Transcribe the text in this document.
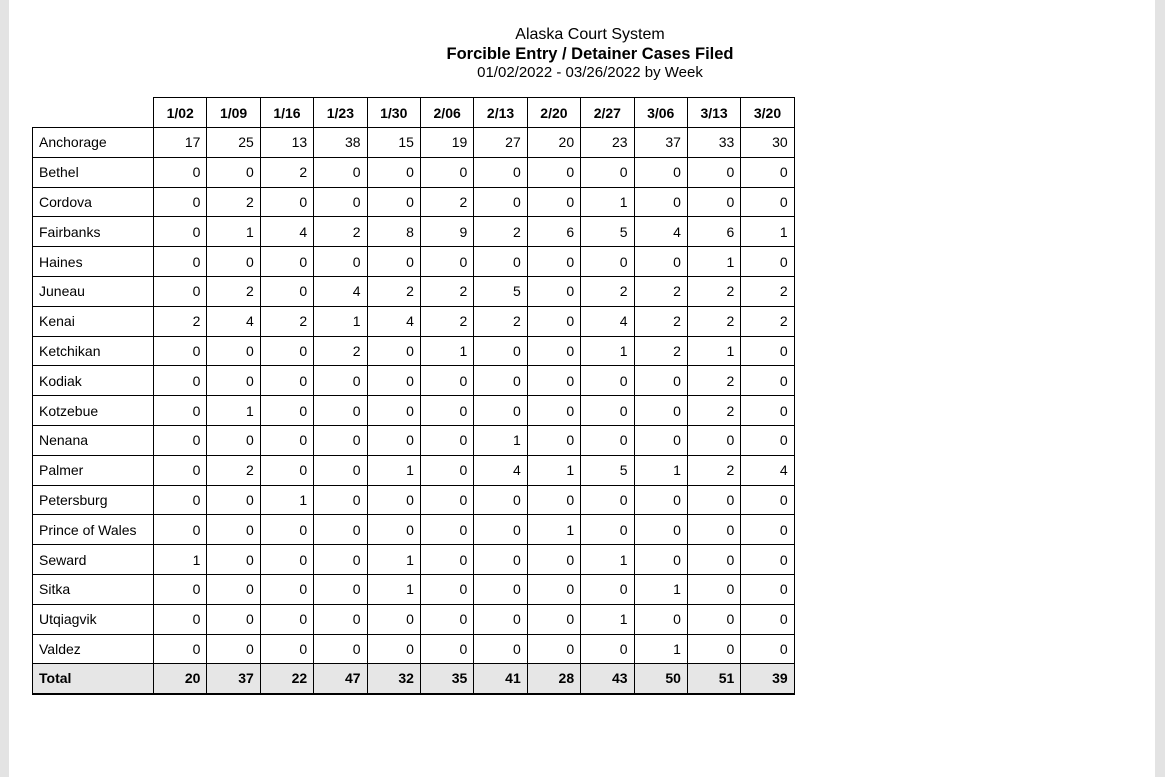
Alaska Court System
Forcible Entry / Detainer Cases Filed
01/02/2022 - 03/26/2022 by Week
	1/02	1/09	1/16	1/23	1/30	2/06	2/13	2/20	2/27	3/06	3/13	3/20
Anchorage	17	25	13	38	15	19	27	20	23	37	33	30
Bethel	0	0	2	0	0	0	0	0	0	0	0	0
Cordova	0	2	0	0	0	2	0	0	1	0	0	0
Fairbanks	0	1	4	2	8	9	2	6	5	4	6	1
Haines	0	0	0	0	0	0	0	0	0	0	1	0
Juneau	0	2	0	4	2	2	5	0	2	2	2	2
Kenai	2	4	2	1	4	2	2	0	4	2	2	2
Ketchikan	0	0	0	2	0	1	0	0	1	2	1	0
Kodiak	0	0	0	0	0	0	0	0	0	0	2	0
Kotzebue	0	1	0	0	0	0	0	0	0	0	2	0
Nenana	0	0	0	0	0	0	1	0	0	0	0	0
Palmer	0	2	0	0	1	0	4	1	5	1	2	4
Petersburg	0	0	1	0	0	0	0	0	0	0	0	0
Prince of Wales	0	0	0	0	0	0	0	1	0	0	0	0
Seward	1	0	0	0	1	0	0	0	1	0	0	0
Sitka	0	0	0	0	1	0	0	0	0	1	0	0
Utqiagvik	0	0	0	0	0	0	0	0	1	0	0	0
Valdez	0	0	0	0	0	0	0	0	0	1	0	0
Total	20	37	22	47	32	35	41	28	43	50	51	39
